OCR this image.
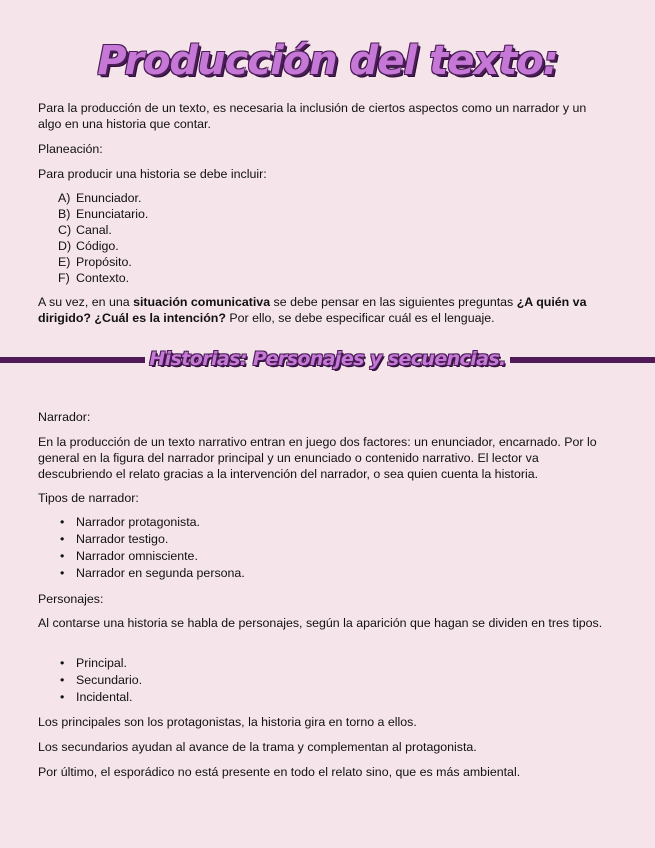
Producción del texto:

Para la producción de un texto, es necesaria la inclusión de ciertos aspectos como un narrador y un algo en una historia que contar.

Planeación:

Para producir una historia se debe incluir:

A) Enunciador.
B) Enunciatario.
C) Canal.
D) Código.
E) Propósito.
F) Contexto.

A su vez, en una situación comunicativa se debe pensar en las siguientes preguntas ¿A quién va dirigido? ¿Cuál es la intención? Por ello, se debe especificar cuál es el lenguaje.

Historias: Personajes y secuencias.

Narrador:

En la producción de un texto narrativo entran en juego dos factores: un enunciador, encarnado. Por lo general en la figura del narrador principal y un enunciado o contenido narrativo. El lector va descubriendo el relato gracias a la intervención del narrador, o sea quien cuenta la historia.

Tipos de narrador:

• Narrador protagonista.
• Narrador testigo.
• Narrador omnisciente.
• Narrador en segunda persona.

Personajes:

Al contarse una historia se habla de personajes, según la aparición que hagan se dividen en tres tipos.

• Principal.
• Secundario.
• Incidental.

Los principales son los protagonistas, la historia gira en torno a ellos.

Los secundarios ayudan al avance de la trama y complementan al protagonista.

Por último, el esporádico no está presente en todo el relato sino, que es más ambiental.
